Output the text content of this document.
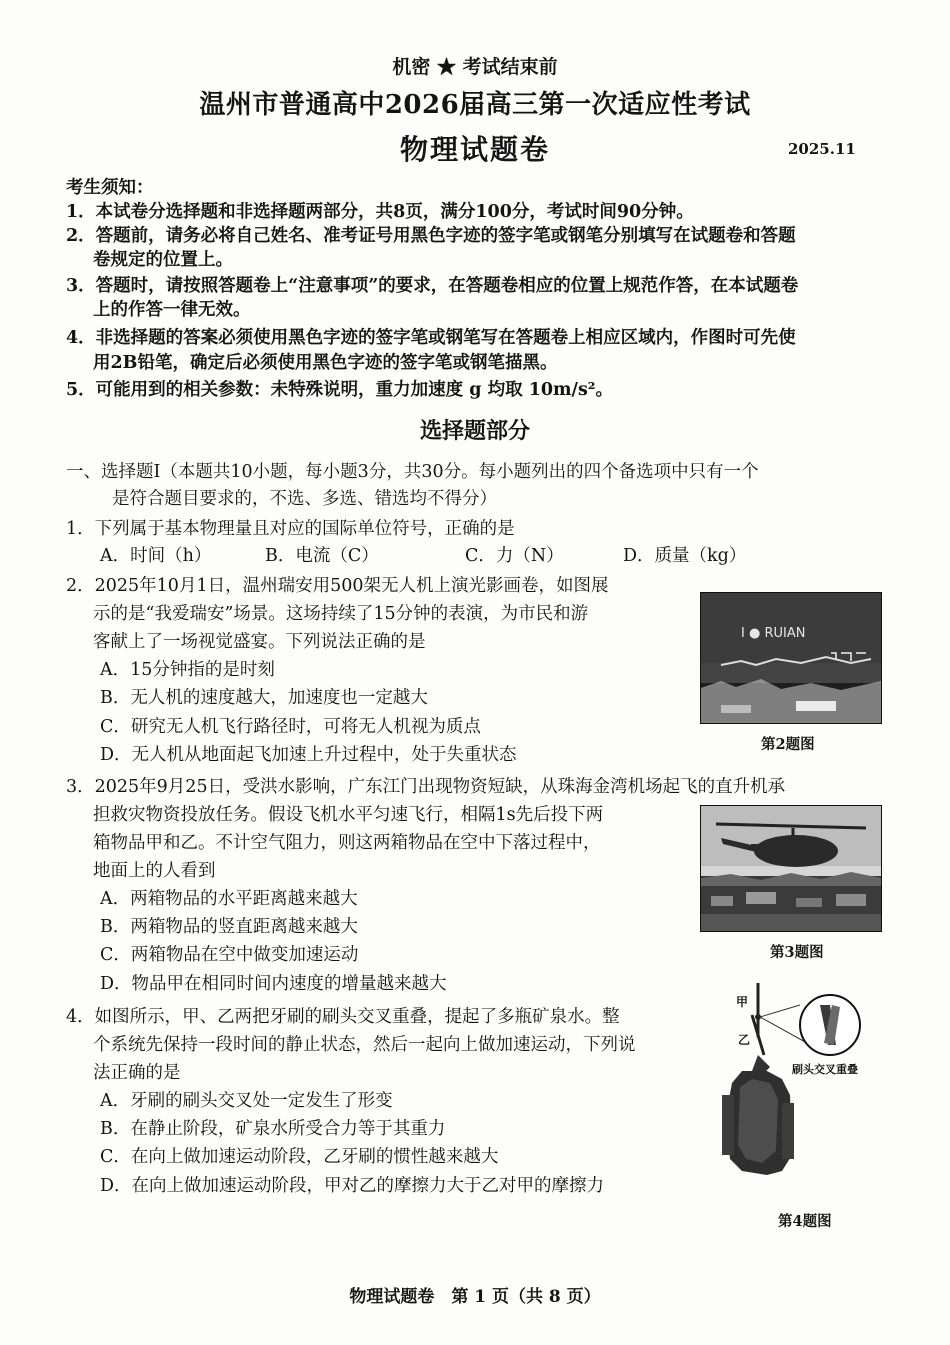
机密 ★ 考试结束前
温州市普通高中2026届高三第一次适应性考试
物理试题卷	2025.11
考生须知：
1．本试卷分选择题和非选择题两部分，共8页，满分100分，考试时间90分钟。
2．答题前，请务必将自己姓名、准考证号用黑色字迹的签字笔或钢笔分别填写在试题卷和答题
卷规定的位置上。
3．答题时，请按照答题卷上“注意事项”的要求，在答题卷相应的位置上规范作答，在本试题卷
上的作答一律无效。
4．非选择题的答案必须使用黑色字迹的签字笔或钢笔写在答题卷上相应区域内，作图时可先使
用2B铅笔，确定后必须使用黑色字迹的签字笔或钢笔描黑。
5．可能用到的相关参数：未特殊说明，重力加速度 g 均取 10m/s²。
选择题部分
一、选择题Ⅰ（本题共10小题，每小题3分，共30分。每小题列出的四个备选项中只有一个
是符合题目要求的，不选、多选、错选均不得分）
1．下列属于基本物理量且对应的国际单位符号，正确的是
A．时间（h）	B．电流（C）	C．力（N）	D．质量（kg）
2．2025年10月1日，温州瑞安用500架无人机上演光影画卷，如图展
示的是“我爱瑞安”场景。这场持续了15分钟的表演，为市民和游
客献上了一场视觉盛宴。下列说法正确的是
A．15分钟指的是时刻
B．无人机的速度越大，加速度也一定越大
C．研究无人机飞行路径时，可将无人机视为质点
D．无人机从地面起飞加速上升过程中，处于失重状态
I ● RUIAN
第2题图
3．2025年9月25日，受洪水影响，广东江门出现物资短缺，从珠海金湾机场起飞的直升机承
担救灾物资投放任务。假设飞机水平匀速飞行，相隔1s先后投下两
箱物品甲和乙。不计空气阻力，则这两箱物品在空中下落过程中，
地面上的人看到
A．两箱物品的水平距离越来越大
B．两箱物品的竖直距离越来越大
C．两箱物品在空中做变加速运动
D．物品甲在相同时间内速度的增量越来越大
第3题图
4．如图所示，甲、乙两把牙刷的刷头交叉重叠，提起了多瓶矿泉水。整
个系统先保持一段时间的静止状态，然后一起向上做加速运动，下列说
法正确的是
A．牙刷的刷头交叉处一定发生了形变
B．在静止阶段，矿泉水所受合力等于其重力
C．在向上做加速运动阶段，乙牙刷的惯性越来越大
D．在向上做加速运动阶段，甲对乙的摩擦力大于乙对甲的摩擦力
甲
乙
刷头交叉重叠
第4题图
物理试题卷　第 1 页（共 8 页）
